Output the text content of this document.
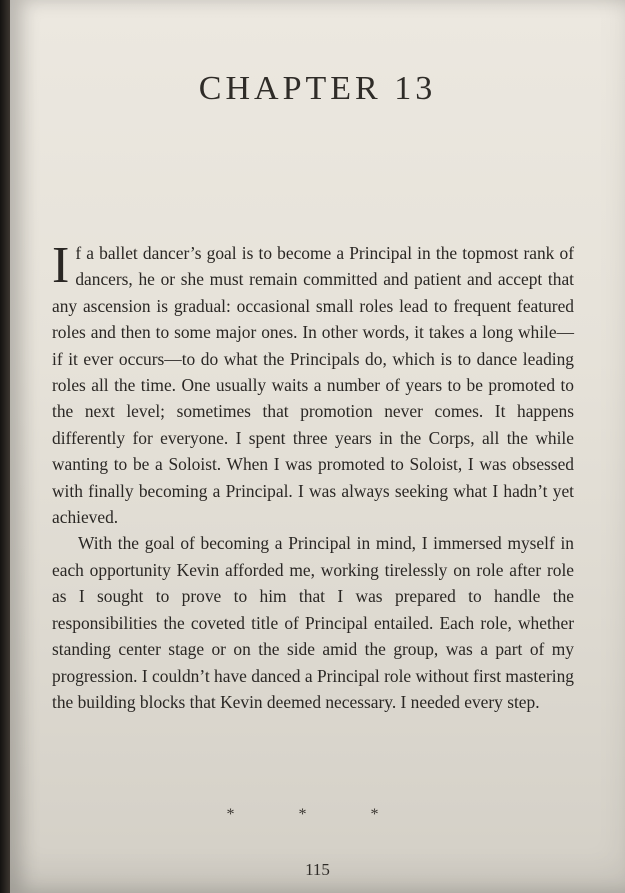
CHAPTER 13

If a ballet dancer’s goal is to become a Principal in the topmost rank of dancers, he or she must remain committed and patient and accept that any ascension is gradual: occasional small roles lead to frequent featured roles and then to some major ones. In other words, it takes a long while—if it ever occurs—to do what the Principals do, which is to dance leading roles all the time. One usually waits a number of years to be promoted to the next level; sometimes that promotion never comes. It happens differently for everyone. I spent three years in the Corps, all the while wanting to be a Soloist. When I was promoted to Soloist, I was obsessed with finally becoming a Principal. I was always seeking what I hadn’t yet achieved.

With the goal of becoming a Principal in mind, I immersed myself in each opportunity Kevin afforded me, working tirelessly on role after role as I sought to prove to him that I was prepared to handle the responsibilities the coveted title of Principal entailed. Each role, whether standing center stage or on the side amid the group, was a part of my progression. I couldn’t have danced a Principal role without first mastering the building blocks that Kevin deemed necessary. I needed every step.

* * *
115
